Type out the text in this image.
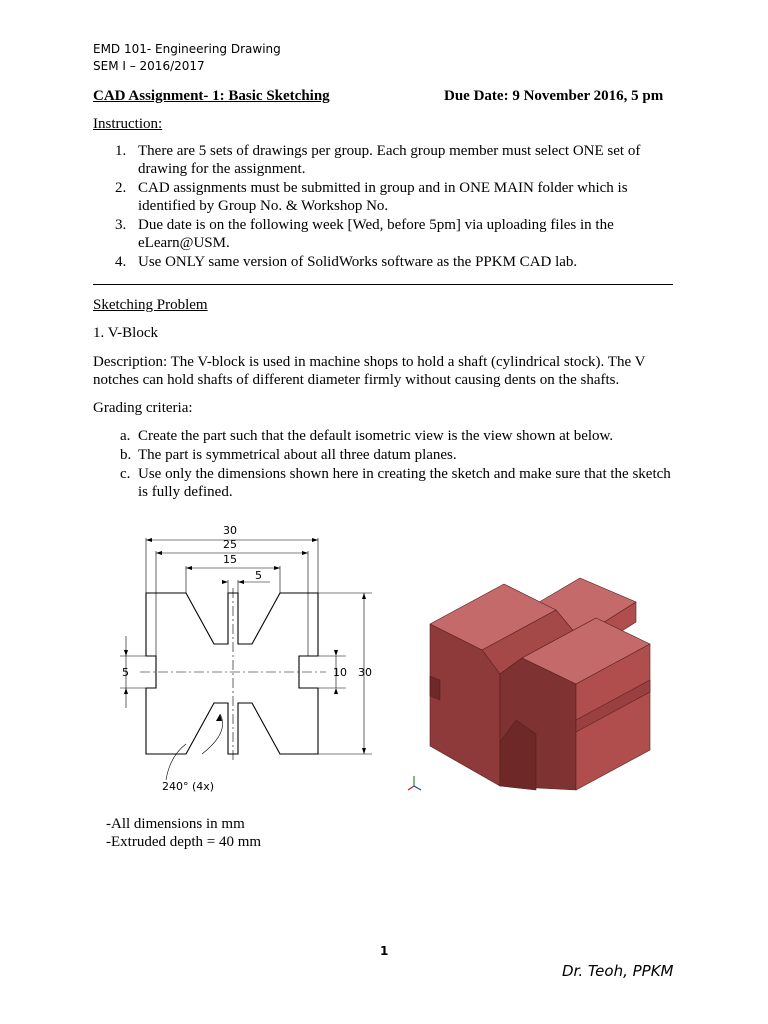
EMD 101- Engineering Drawing
SEM I – 2016/2017
CAD Assignment- 1: Basic Sketching	Due Date: 9 November 2016, 5 pm
Instruction:
1. There are 5 sets of drawings per group. Each group member must select ONE set of drawing for the assignment.
2. CAD assignments must be submitted in group and in ONE MAIN folder which is identified by Group No. & Workshop No.
3. Due date is on the following week [Wed, before 5pm] via uploading files in the eLearn@USM.
4. Use ONLY same version of SolidWorks software as the PPKM CAD lab.
Sketching Problem
1. V-Block
Description: The V-block is used in machine shops to hold a shaft (cylindrical stock). The V notches can hold shafts of different diameter firmly without causing dents on the shafts.
Grading criteria:
a. Create the part such that the default isometric view is the view shown at below.
b. The part is symmetrical about all three datum planes.
c. Use only the dimensions shown here in creating the sketch and make sure that the sketch is fully defined.
30
25
15
5
5	10 30
240° (4x)
-All dimensions in mm
-Extruded depth = 40 mm
1
Dr. Teoh, PPKM
